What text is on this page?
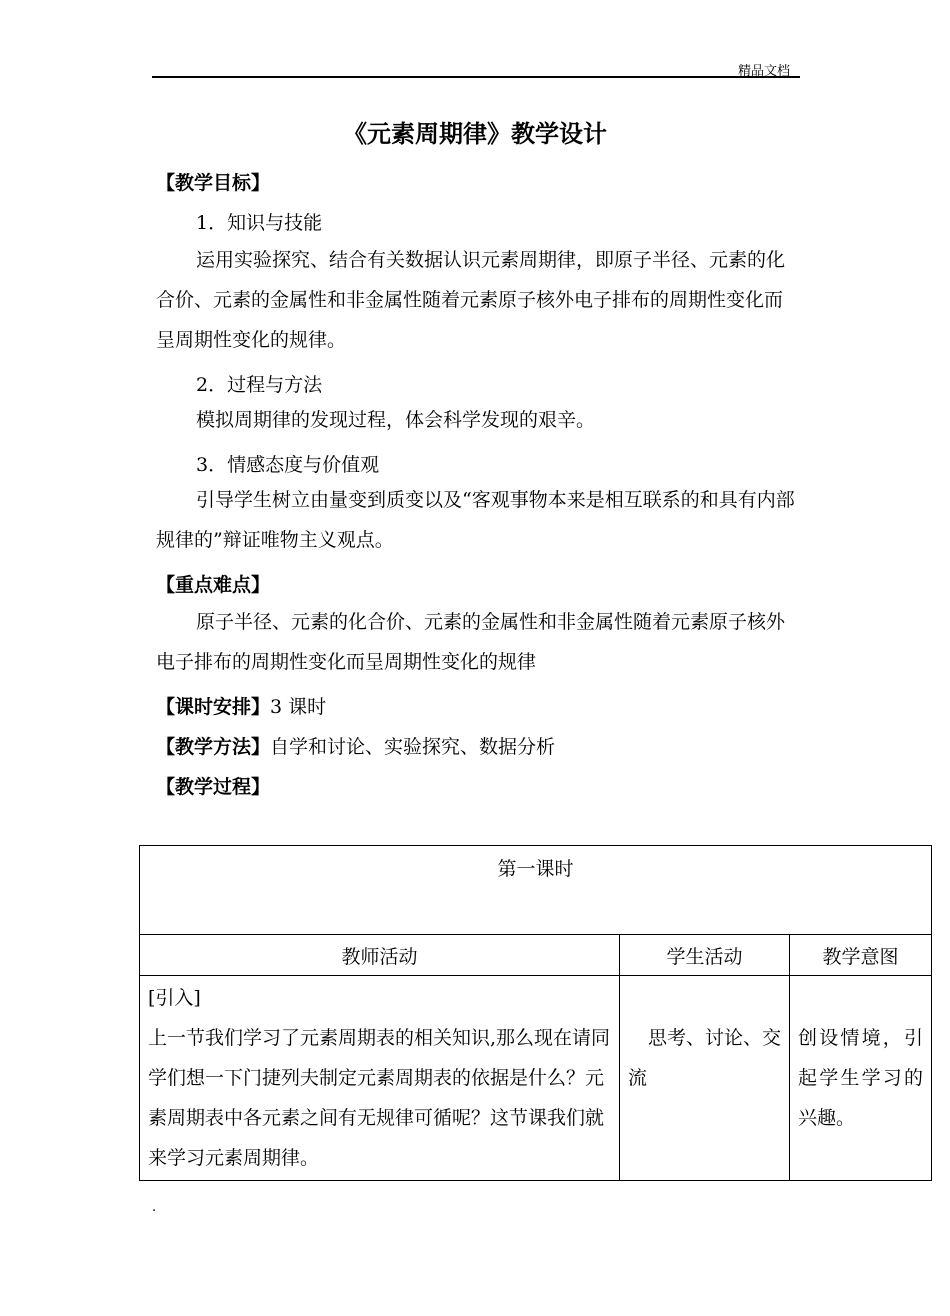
精品文档
《元素周期律》教学设计
【教学目标】
1．知识与技能
运用实验探究、结合有关数据认识元素周期律，即原子半径、元素的化合价、元素的金属性和非金属性随着元素原子核外电子排布的周期性变化而呈周期性变化的规律。
2．过程与方法
模拟周期律的发现过程，体会科学发现的艰辛。
3．情感态度与价值观
引导学生树立由量变到质变以及“客观事物本来是相互联系的和具有内部规律的”辩证唯物主义观点。
【重点难点】
原子半径、元素的化合价、元素的金属性和非金属性随着元素原子核外电子排布的周期性变化而呈周期性变化的规律
【课时安排】3 课时
【教学方法】自学和讨论、实验探究、数据分析
【教学过程】
第一课时		
教师活动	学生活动	教学意图

[引入]
上一节我们学习了元素周期表的相关知识,那么现在请同学们想一下门捷列夫制定元素周期表的依据是什么？元素周期表中各元素之间有无规律可循呢？这节课我们就来学习元素周期律。	思考、讨论、交流	创设情境，引起学生学习的兴趣。
.
